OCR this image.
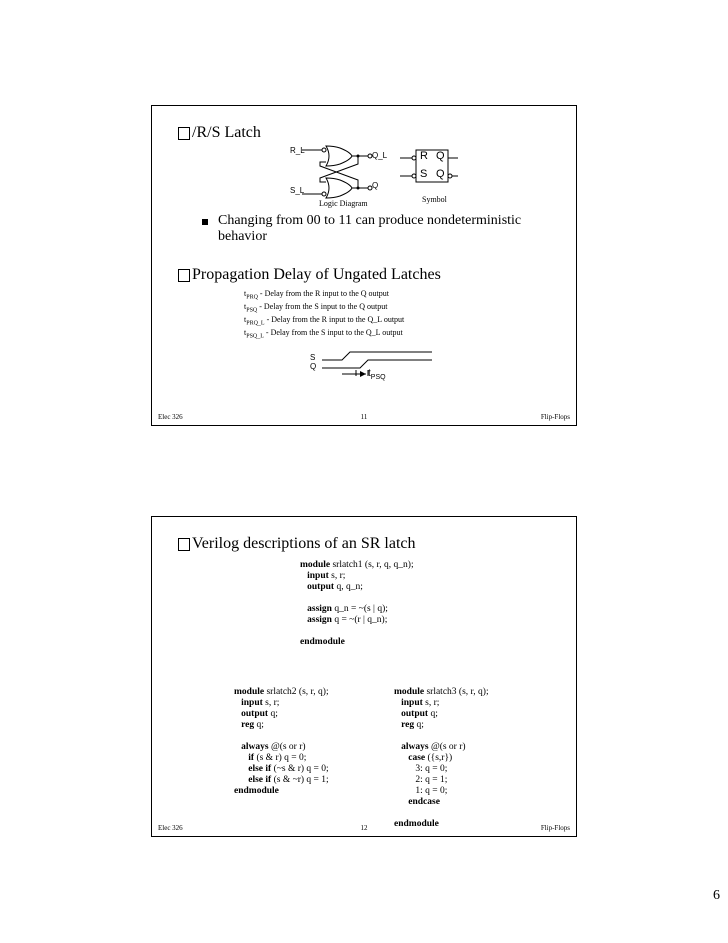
/R/S Latch
R_L
S_L
Q_L
Q
Logic Diagram
R Q
S Q
Symbol
Changing from 00 to 11 can produce nondeterministic behavior
Propagation Delay of Ungated Latches
$t_{PRQ}$ - Delay from the R input to the Q output
$t_{PSQ}$ - Delay from the S input to the Q output
$t_{PRQ\_L}$ - Delay from the R input to the Q_L output
$t_{PSQ\_L}$ - Delay from the S input to the Q_L output
S
Q
$t_{PSQ}$
Elec 326	11	Flip-Flops
Verilog descriptions of an SR latch
module srlatch1 (s, r, q, q_n);
input s, r;
output q, q_n;

assign q_n = ~(s | q);
assign q = ~(r | q_n);

endmodule
module srlatch2 (s, r, q);
input s, r;
output q;
reg q;

always @(s or r)
if (s & r) q = 0;
else if (~s & r) q = 0;
else if (s & ~r) q = 1;
endmodule
module srlatch3 (s, r, q);
input s, r;
output q;
reg q;

always @(s or r)
case ({s,r})
3: q = 0;
2: q = 1;
1: q = 0;
endcase

endmodule
Elec 326	12	Flip-Flops
6
